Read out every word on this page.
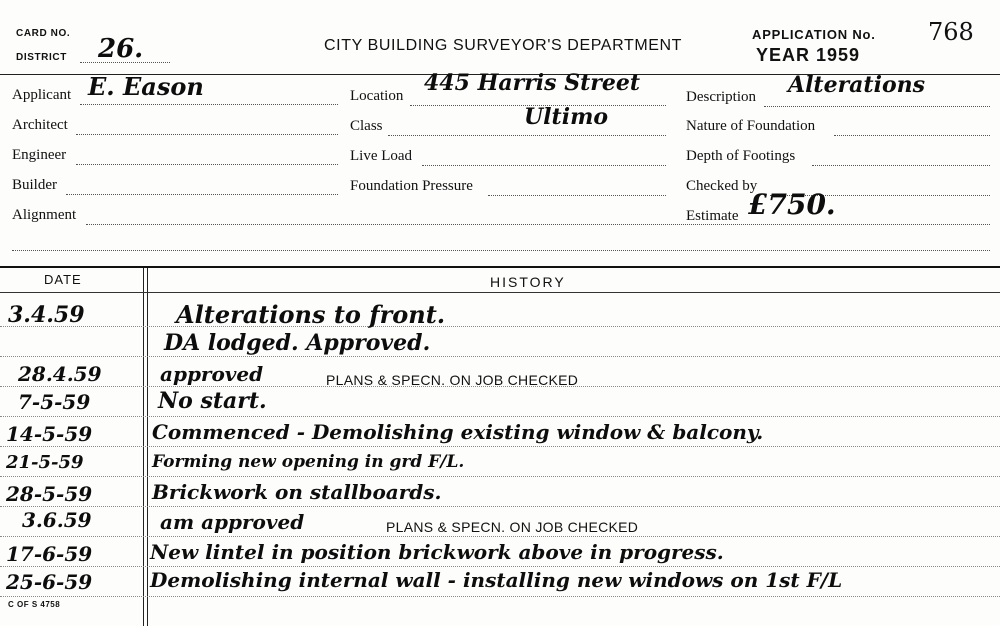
CARD NO.
DISTRICT 26.	CITY BUILDING SURVEYOR'S DEPARTMENT
APPLICATION No. 768
YEAR 1959
Applicant E. Eason
Architect
Engineer
Builder
Alignment
Location 445 Harris Street
Class	Ultimo
Live Load
Foundation Pressure
Description Alterations
Nature of Foundation
Depth of Footings
Checked by
Estimate £750.
DATE	HISTORY
3.4.59	Alterations to front.
DA lodged. Approved.
28.4.59	approved	PLANS & SPECN. ON JOB CHECKED
7-5-59	No start.
14-5-59	Commenced - Demolishing existing window & balcony.
21-5-59	Forming new opening in grd F/L.
28-5-59	Brickwork on stallboards.
3.6.59	am approved	PLANS & SPECN. ON JOB CHECKED
17-6-59	New lintel in position brickwork above in progress.
25-6-59	Demolishing internal wall - installing new windows on 1st F/L
C OF S 4758
